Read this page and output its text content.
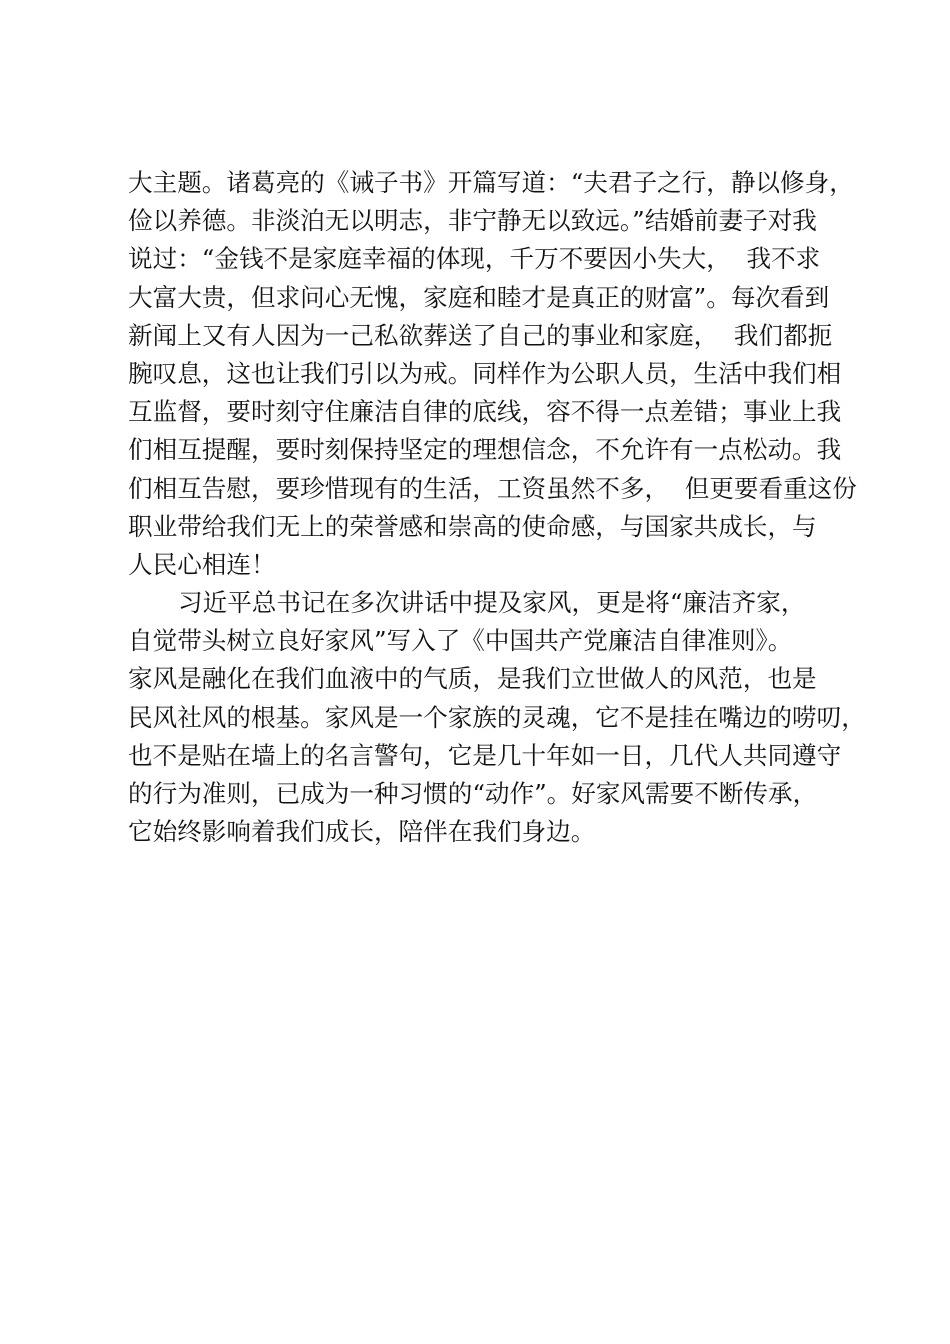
大主题。诸葛亮的《诫子书》开篇写道：“夫君子之行，静以修身，
俭以养德。非淡泊无以明志，非宁静无以致远。”结婚前妻子对我
说过：“金钱不是家庭幸福的体现，千万不要因小失大，  我不求
大富大贵，但求问心无愧，家庭和睦才是真正的财富”。每次看到
新闻上又有人因为一己私欲葬送了自己的事业和家庭，  我们都扼
腕叹息，这也让我们引以为戒。同样作为公职人员，生活中我们相
互监督，要时刻守住廉洁自律的底线，容不得一点差错；事业上我
们相互提醒，要时刻保持坚定的理想信念，不允许有一点松动。我
们相互告慰，要珍惜现有的生活，工资虽然不多，  但更要看重这份
职业带给我们无上的荣誉感和崇高的使命感，与国家共成长，与
人民心相连！
习近平总书记在多次讲话中提及家风，更是将“廉洁齐家，
自觉带头树立良好家风”写入了《中国共产党廉洁自律准则》。
家风是融化在我们血液中的气质，是我们立世做人的风范，也是
民风社风的根基。家风是一个家族的灵魂，它不是挂在嘴边的唠叨，
也不是贴在墙上的名言警句，它是几十年如一日，几代人共同遵守
的行为准则，已成为一种习惯的“动作”。好家风需要不断传承，
它始终影响着我们成长，陪伴在我们身边。
